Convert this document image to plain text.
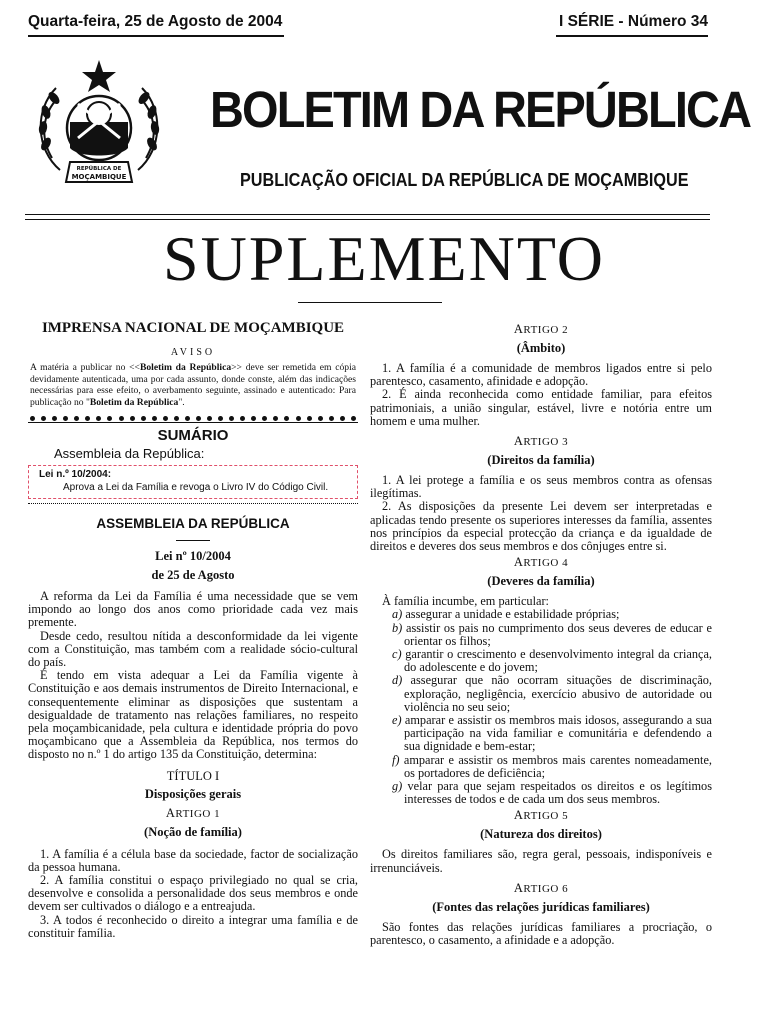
Quarta-feira, 25 de Agosto de 2004	I SÉRIE - Número 34
REPÚBLICA DE
MOÇAMBIQUE
BOLETIM DA REPÚBLICA
PUBLICAÇÃO OFICIAL DA REPÚBLICA DE MOÇAMBIQUE
SUPLEMENTO
IMPRENSA NACIONAL DE MOÇAMBIQUE
AVISO
A matéria a publicar no <<Boletim da República>> deve ser remetida em cópia devidamente autenticada, uma por cada assunto, donde conste, além das indicações necessárias para esse efeito, o averbamento seguinte, assinado e autenticado: Para publicação no "Boletim da República".
SUMÁRIO
Assembleia da República:
Lei n.º 10/2004:
Aprova a Lei da Família e revoga o Livro IV do Código Civil.
ASSEMBLEIA DA REPÚBLICA
Lei nº 10/2004
de 25 de Agosto
A reforma da Lei da Família é uma necessidade que se vem impondo ao longo dos anos como prioridade cada vez mais premente.
Desde cedo, resultou nítida a desconformidade da lei vigente com a Constituição, mas também com a realidade sócio-cultural do país.
É tendo em vista adequar a Lei da Família vigente à Constituição e aos demais instrumentos de Direito Internacional, e consequentemente eliminar as disposições que sustentam a desigualdade de tratamento nas relações familiares, no respeito pela moçambicanidade, pela cultura e identidade própria do povo moçambicano que a Assembleia da República, nos termos do disposto no n.º 1 do artigo 135 da Constituição, determina:
TÍTULO I
Disposições gerais
ARTIGO 1
(Noção de família)
1. A família é a célula base da sociedade, factor de socialização da pessoa humana.
2. A família constitui o espaço privilegiado no qual se cria, desenvolve e consolida a personalidade dos seus membros e onde devem ser cultivados o diálogo e a entreajuda.
3. A todos é reconhecido o direito a integrar uma família e de constituir família.
ARTIGO 2
(Âmbito)
1. A família é a comunidade de membros ligados entre si pelo parentesco, casamento, afinidade e adopção.
2. É ainda reconhecida como entidade familiar, para efeitos patrimoniais, a união singular, estável, livre e notória entre um homem e uma mulher.
ARTIGO 3
(Direitos da família)
1. A lei protege a família e os seus membros contra as ofensas ilegítimas.
2. As disposições da presente Lei devem ser interpretadas e aplicadas tendo presente os superiores interesses da família, assentes nos princípios da especial protecção da criança e da igualdade de direitos e deveres dos seus membros e dos cônjuges entre si.
ARTIGO 4
(Deveres da família)
À família incumbe, em particular:
a) assegurar a unidade e estabilidade próprias;
b) assistir os pais no cumprimento dos seus deveres de educar e orientar os filhos;
c) garantir o crescimento e desenvolvimento integral da criança, do adolescente e do jovem;
d) assegurar que não ocorram situações de discriminação, exploração, negligência, exercício abusivo de autoridade ou violência no seu seio;
e) amparar e assistir os membros mais idosos, assegurando a sua participação na vida familiar e comunitária e defendendo a sua dignidade e bem-estar;
f) amparar e assistir os membros mais carentes nomeadamente, os portadores de deficiência;
g) velar para que sejam respeitados os direitos e os legítimos interesses de todos e de cada um dos seus membros.
ARTIGO 5
(Natureza dos direitos)
Os direitos familiares são, regra geral, pessoais, indisponíveis e irrenunciáveis.
ARTIGO 6
(Fontes das relações jurídicas familiares)
São fontes das relações jurídicas familiares a procriação, o parentesco, o casamento, a afinidade e a adopção.
